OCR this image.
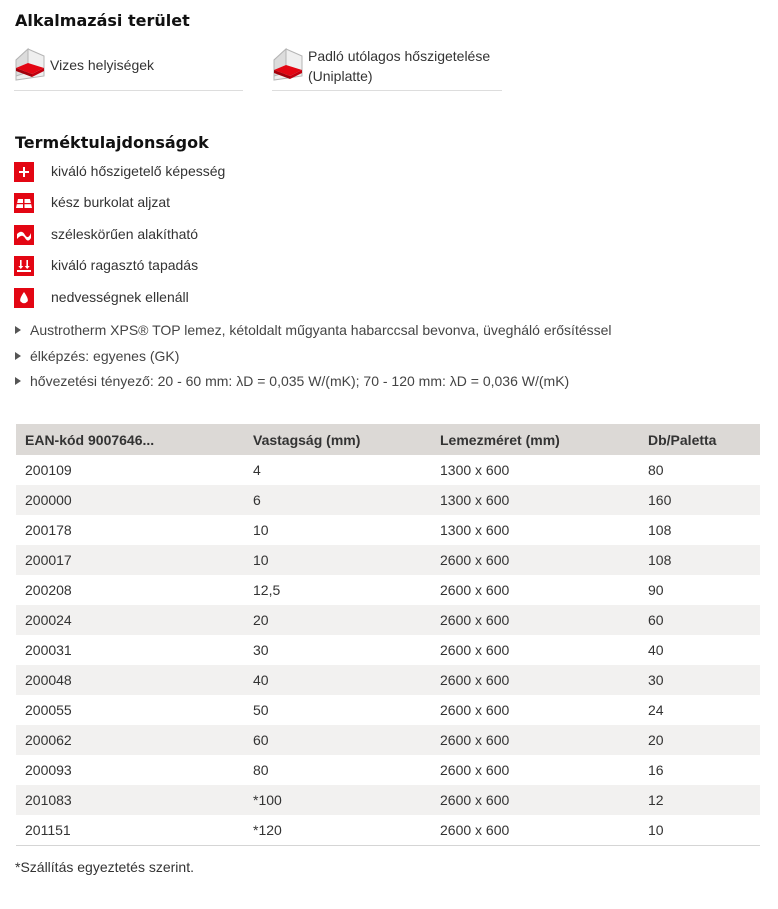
Alkalmazási terület
Vizes helyiségek
Padló utólagos hőszigetelése
(Uniplatte)
Terméktulajdonságok
kiváló hőszigetelő képesség
kész burkolat aljzat
széleskörűen alakítható
kiváló ragasztó tapadás
nedvességnek ellenáll
Austrotherm XPS® TOP lemez, kétoldalt műgyanta habarccsal bevonva, üvegháló erősítéssel
élképzés: egyenes (GK)
hővezetési tényező: 20 - 60 mm: λD = 0,035 W/(mK); 70 - 120 mm: λD = 0,036 W/(mK)
EAN-kód 9007646...	Vastagság (mm)	Lemezméret (mm)	Db/Paletta
200109	4	1300 x 600	80
200000	6	1300 x 600	160
200178	10	1300 x 600	108
200017	10	2600 x 600	108
200208	12,5	2600 x 600	90
200024	20	2600 x 600	60
200031	30	2600 x 600	40
200048	40	2600 x 600	30
200055	50	2600 x 600	24
200062	60	2600 x 600	20
200093	80	2600 x 600	16
201083	*100	2600 x 600	12
201151	*120	2600 x 600	10
*Szállítás egyeztetés szerint.
